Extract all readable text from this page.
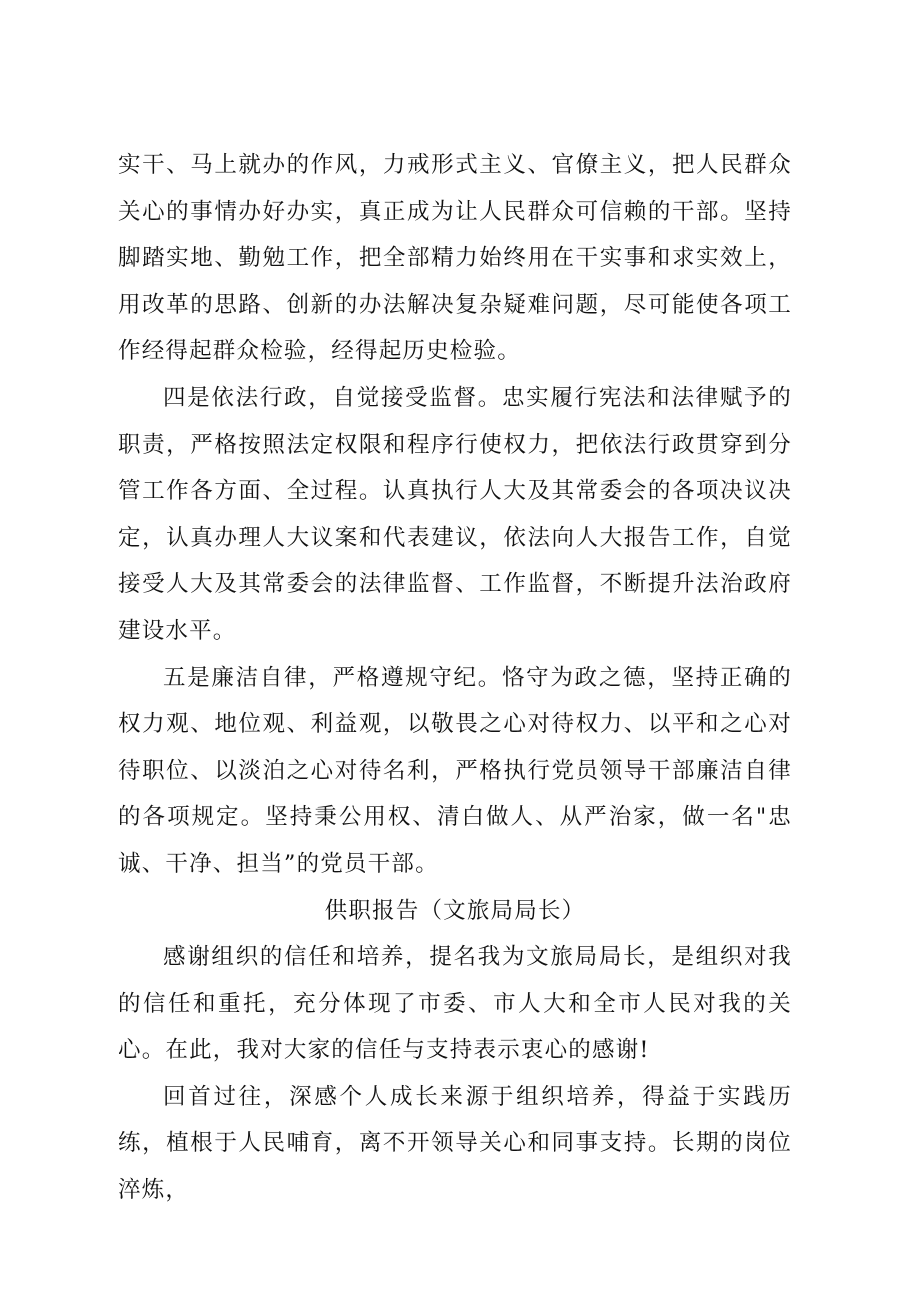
实干、马上就办的作风，力戒形式主义、官僚主义，把人民群众关心的事情办好办实，真正成为让人民群众可信赖的干部。坚持脚踏实地、勤勉工作，把全部精力始终用在干实事和求实效上，用改革的思路、创新的办法解决复杂疑难问题，尽可能使各项工作经得起群众检验，经得起历史检验。

四是依法行政，自觉接受监督。忠实履行宪法和法律赋予的职责，严格按照法定权限和程序行使权力，把依法行政贯穿到分管工作各方面、全过程。认真执行人大及其常委会的各项决议决定，认真办理人大议案和代表建议，依法向人大报告工作，自觉接受人大及其常委会的法律监督、工作监督，不断提升法治政府建设水平。

五是廉洁自律，严格遵规守纪。恪守为政之德，坚持正确的权力观、地位观、利益观，以敬畏之心对待权力、以平和之心对待职位、以淡泊之心对待名利，严格执行党员领导干部廉洁自律的各项规定。坚持秉公用权、清白做人、从严治家，做一名"忠诚、干净、担当”的党员干部。

供职报告（文旅局局长）

感谢组织的信任和培养，提名我为文旅局局长，是组织对我的信任和重托，充分体现了市委、市人大和全市人民对我的关心。在此，我对大家的信任与支持表示衷心的感谢!

回首过往，深感个人成长来源于组织培养，得益于实践历练，植根于人民哺育，离不开领导关心和同事支持。长期的岗位淬炼，
